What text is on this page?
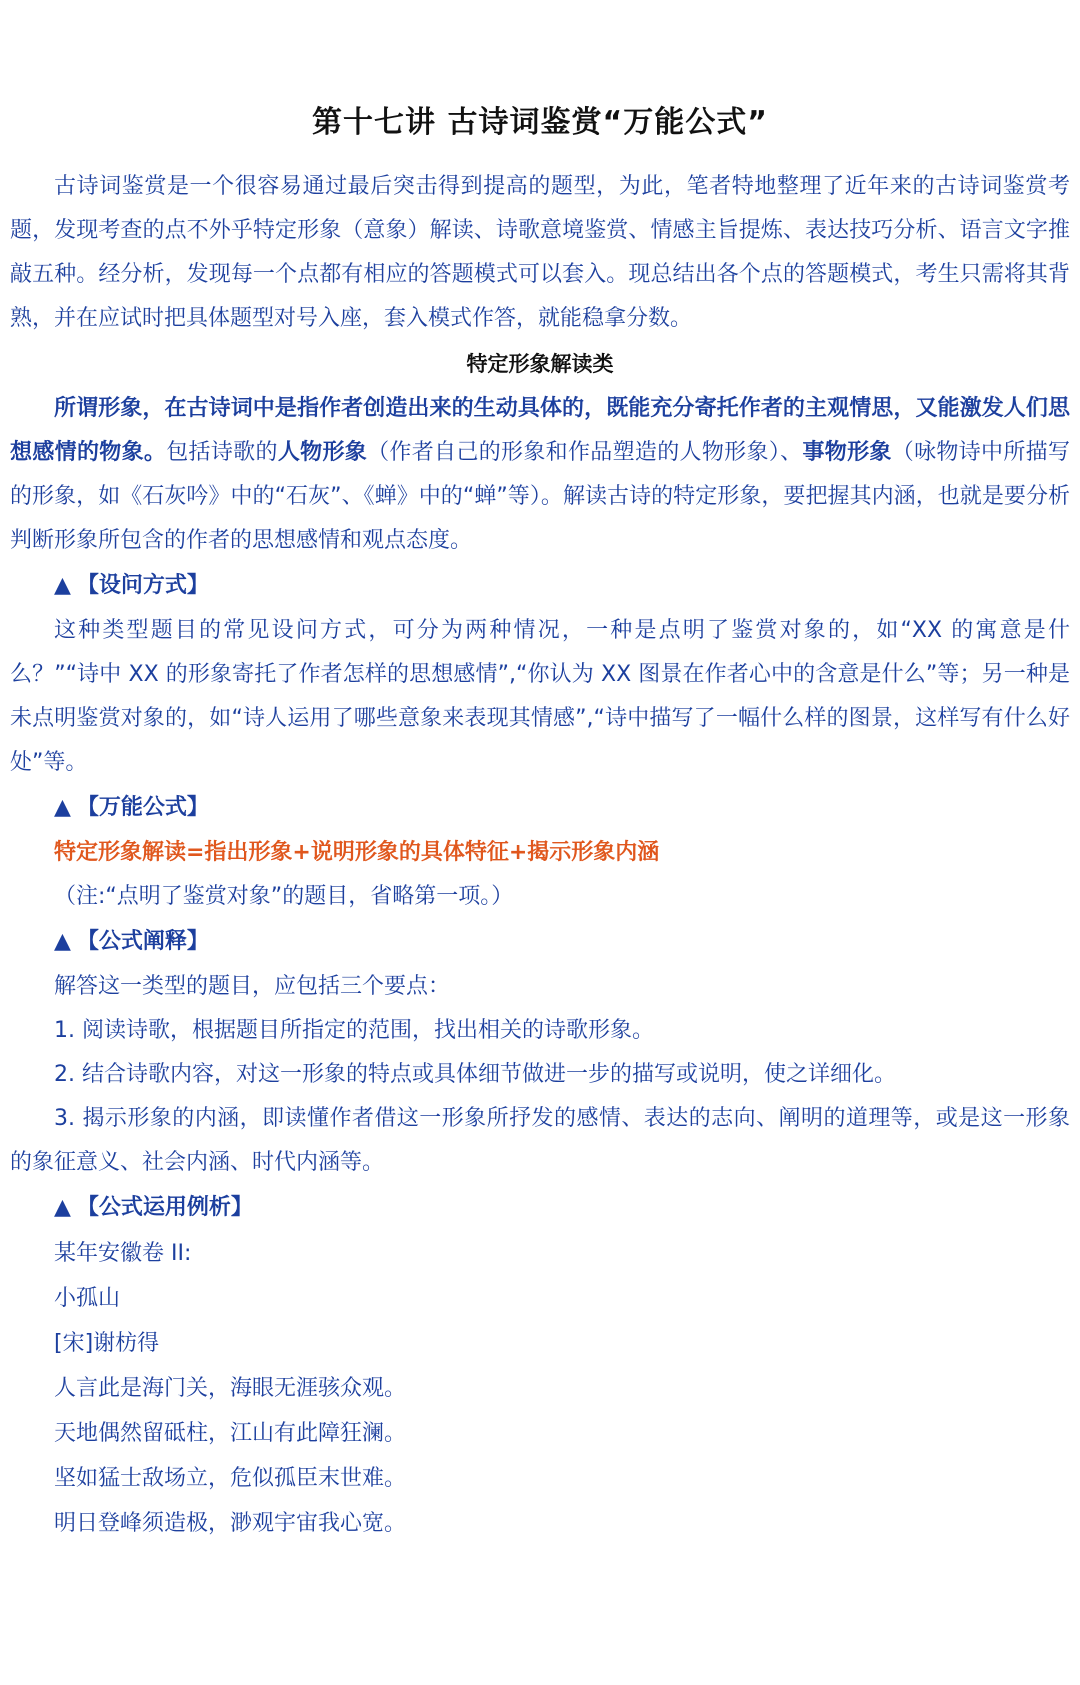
第十七讲 古诗词鉴赏“万能公式”

古诗词鉴赏是一个很容易通过最后突击得到提高的题型，为此，笔者特地整理了近年来的古诗词鉴赏考题，发现考查的点不外乎特定形象（意象）解读、诗歌意境鉴赏、情感主旨提炼、表达技巧分析、语言文字推敲五种。经分析，发现每一个点都有相应的答题模式可以套入。现总结出各个点的答题模式，考生只需将其背熟，并在应试时把具体题型对号入座，套入模式作答，就能稳拿分数。

特定形象解读类

所谓形象，在古诗词中是指作者创造出来的生动具体的，既能充分寄托作者的主观情思，又能激发人们思想感情的物象。包括诗歌的人物形象（作者自己的形象和作品塑造的人物形象）、事物形象（咏物诗中所描写的形象，如《石灰吟》中的“石灰”、《蝉》中的“蝉”等）。解读古诗的特定形象，要把握其内涵，也就是要分析判断形象所包含的作者的思想感情和观点态度。

▲ 【设问方式】

这种类型题目的常见设问方式，可分为两种情况，一种是点明了鉴赏对象的，如“XX 的寓意是什么？”“诗中 XX 的形象寄托了作者怎样的思想感情”,“你认为 XX 图景在作者心中的含意是什么”等；另一种是未点明鉴赏对象的，如“诗人运用了哪些意象来表现其情感”,“诗中描写了一幅什么样的图景，这样写有什么好处”等。

▲ 【万能公式】
特定形象解读=指出形象+说明形象的具体特征+揭示形象内涵

（注:“点明了鉴赏对象”的题目，省略第一项。）

▲ 【公式阐释】

解答这一类型的题目，应包括三个要点：

1. 阅读诗歌，根据题目所指定的范围，找出相关的诗歌形象。

2. 结合诗歌内容，对这一形象的特点或具体细节做进一步的描写或说明，使之详细化。

3. 揭示形象的内涵，即读懂作者借这一形象所抒发的感情、表达的志向、阐明的道理等，或是这一形象的象征意义、社会内涵、时代内涵等。

▲ 【公式运用例析】

某年安徽卷 II:

小孤山

[宋]谢枋得

人言此是海门关，海眼无涯骇众观。

天地偶然留砥柱，江山有此障狂澜。

坚如猛士敌场立，危似孤臣末世难。

明日登峰须造极，渺观宇宙我心宽。
